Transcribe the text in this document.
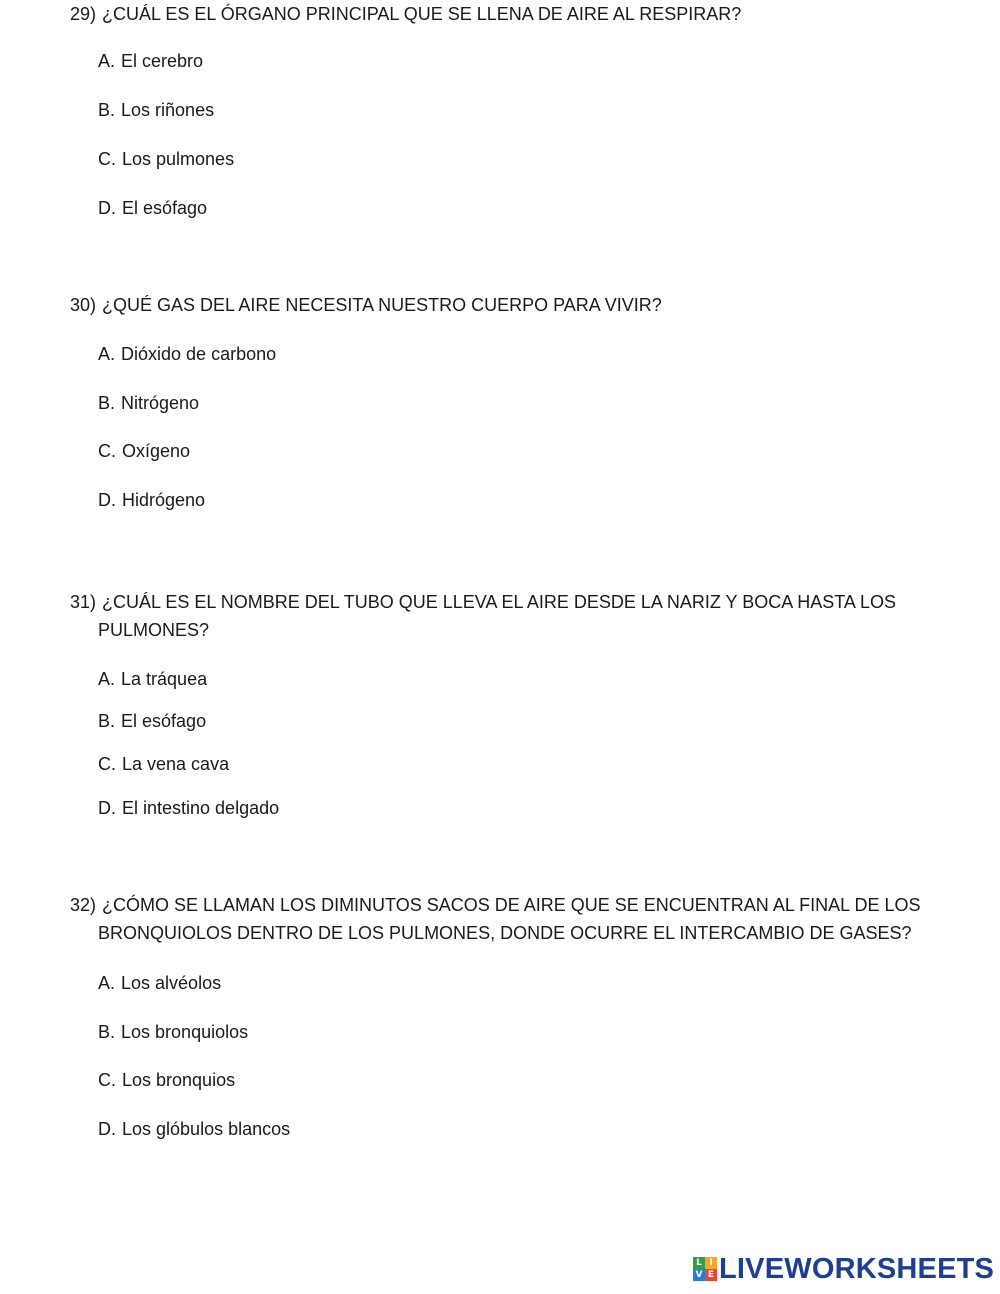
29) ¿CUÁL ES EL ÓRGANO PRINCIPAL QUE SE LLENA DE AIRE AL RESPIRAR?
A. El cerebro
B. Los riñones
C. Los pulmones
D. El esófago
30) ¿QUÉ GAS DEL AIRE NECESITA NUESTRO CUERPO PARA VIVIR?
A. Dióxido de carbono
B. Nitrógeno
C. Oxígeno
D. Hidrógeno
31) ¿CUÁL ES EL NOMBRE DEL TUBO QUE LLEVA EL AIRE DESDE LA NARIZ Y BOCA HASTA LOS PULMONES?
A. La tráquea
B. El esófago
C. La vena cava
D. El intestino delgado
32) ¿CÓMO SE LLAMAN LOS DIMINUTOS SACOS DE AIRE QUE SE ENCUENTRAN AL FINAL DE LOS BRONQUIOLOS DENTRO DE LOS PULMONES, DONDE OCURRE EL INTERCAMBIO DE GASES?
A. Los alvéolos
B. Los bronquiolos
C. Los bronquios
D. Los glóbulos blancos
L I
V E LIVEWORKSHEETS
